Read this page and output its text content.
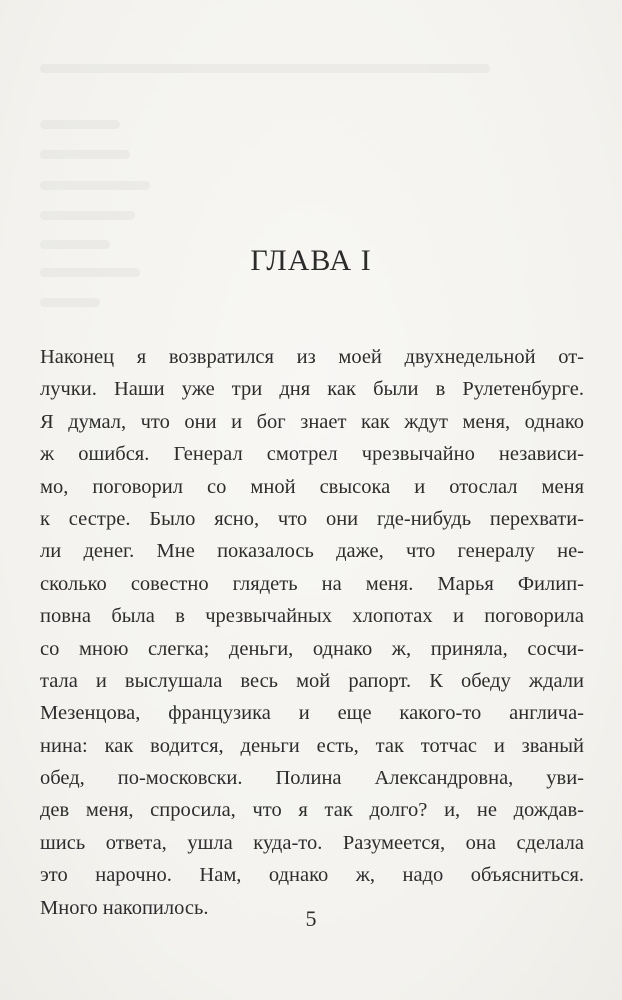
ГЛАВА I
Наконец я возвратился из моей двухнедельной от-
лучки. Наши уже три дня как были в Рулетенбурге.
Я думал, что они и бог знает как ждут меня, однако
ж ошибся. Генерал смотрел чрезвычайно независи-
мо, поговорил со мной свысока и отослал меня
к сестре. Было ясно, что они где-нибудь перехвати-
ли денег. Мне показалось даже, что генералу не-
сколько совестно глядеть на меня. Марья Филип-
повна была в чрезвычайных хлопотах и поговорила
со мною слегка; деньги, однако ж, приняла, сосчи-
тала и выслушала весь мой рапорт. К обеду ждали
Мезенцова, французика и еще какого-то англича-
нина: как водится, деньги есть, так тотчас и званый
обед, по-московски. Полина Александровна, уви-
дев меня, спросила, что я так долго? и, не дождав-
шись ответа, ушла куда-то. Разумеется, она сделала
это нарочно. Нам, однако ж, надо объясниться.
Много накопилось.	5
